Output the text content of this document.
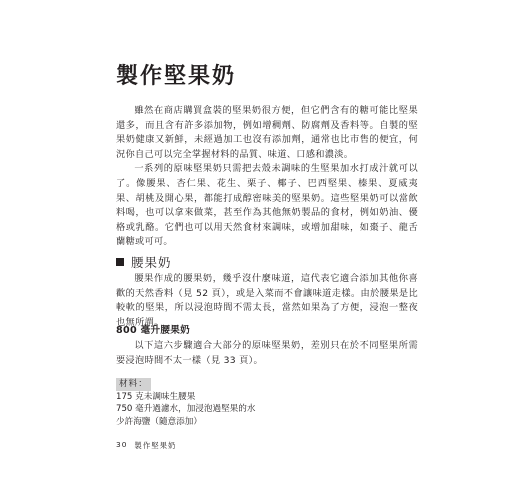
製作堅果奶

雖然在商店購買盒裝的堅果奶很方便，但它們含有的糖可能比堅果還多，而且含有許多添加物，例如增稠劑、防腐劑及香料等。自製的堅果奶健康又新鮮，未經過加工也沒有添加劑，通常也比市售的便宜，何況你自己可以完全掌握材料的品質、味道、口感和濃淡。

一系列的原味堅果奶只需把去殼未調味的生堅果加水打成汁就可以了。像腰果、杏仁果、花生、栗子、椰子、巴西堅果、榛果、夏威夷果、胡桃及開心果，都能打成醇密味美的堅果奶。這些堅果奶可以當飲料喝，也可以拿來做菜，甚至作為其他無奶製品的食材，例如奶油、優格或乳酪。它們也可以用天然食材來調味，或增加甜味，如棗子、龍舌蘭糖或可可。

腰果奶

腰果作成的腰果奶，幾乎沒什麼味道，這代表它適合添加其他你喜歡的天然香料（見 52 頁），或是入菜而不會讓味道走樣。由於腰果是比較軟的堅果，所以浸泡時間不需太長，當然如果為了方便，浸泡一整夜也無所謂。

800 毫升腰果奶

以下這六步驟適合大部分的原味堅果奶，差別只在於不同堅果所需要浸泡時間不太一樣（見 33 頁）。

材料：

175 克未調味生腰果

750 毫升過濾水，加浸泡過堅果的水

少許海鹽（隨意添加）

30 製作堅果奶
